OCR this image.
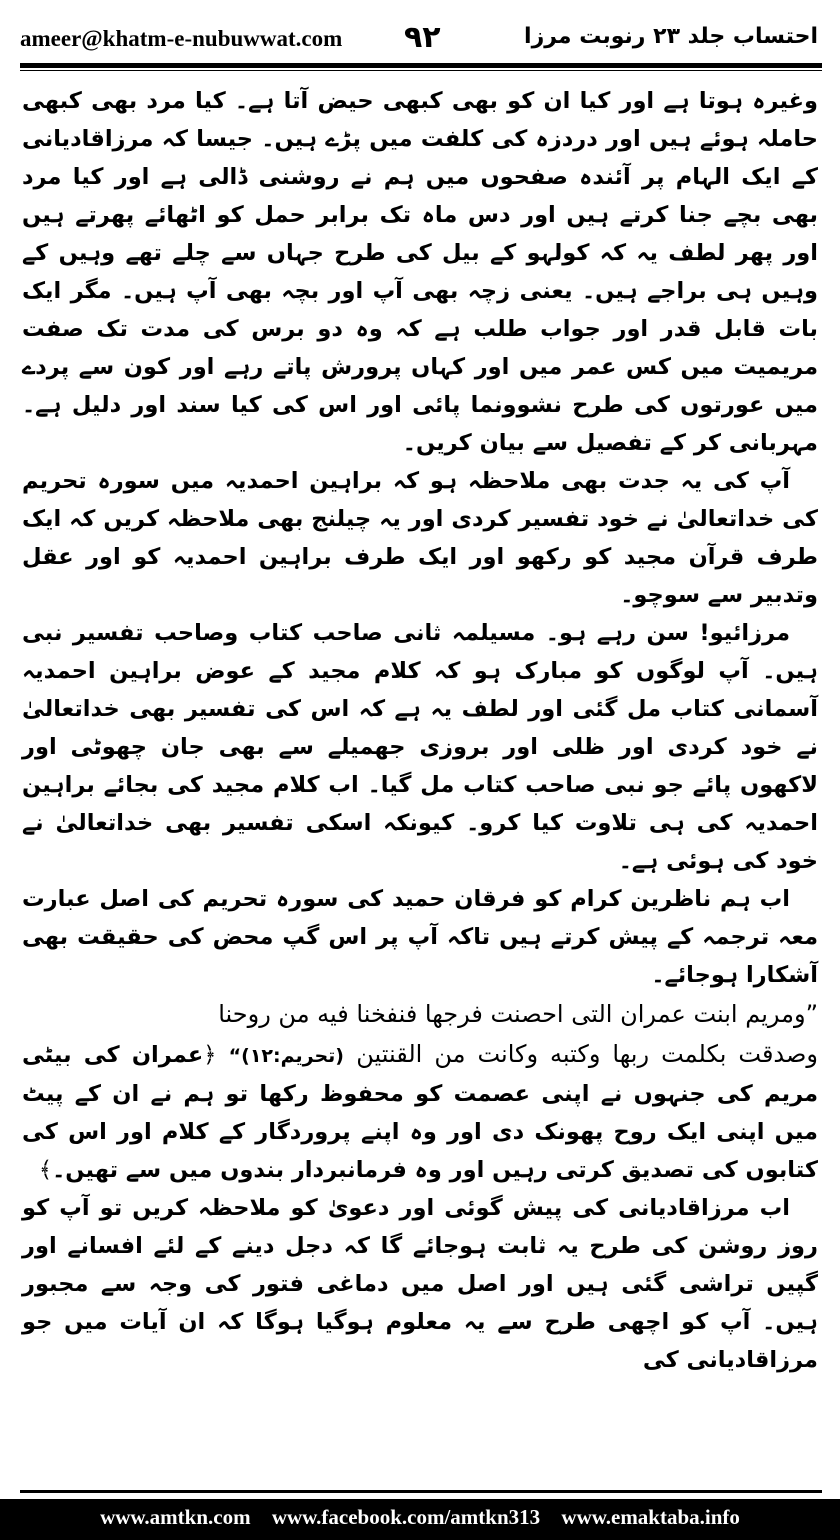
ameer@khatm-e-nubuwwat.com ۹۲	احتساب جلد ۲۳ رنوبت مرزا

وغیرہ ہوتا ہے اور کیا ان کو بھی کبھی حیض آتا ہے۔ کیا مرد بھی کبھی حاملہ ہوئے ہیں اور دردزہ کی کلفت میں پڑے ہیں۔ جیسا کہ مرزاقادیانی کے ایک الہام پر آئندہ صفحوں میں ہم نے روشنی ڈالی ہے اور کیا مرد بھی بچے جنا کرتے ہیں اور دس ماہ تک برابر حمل کو اٹھائے پھرتے ہیں اور پھر لطف یہ کہ کولہو کے بیل کی طرح جہاں سے چلے تھے وہیں کے وہیں ہی براجے ہیں۔ یعنی زچہ بھی آپ اور بچہ بھی آپ ہیں۔ مگر ایک بات قابل قدر اور جواب طلب ہے کہ وہ دو برس کی مدت تک صفت مریمیت میں کس عمر میں اور کہاں پرورش پاتے رہے اور کون سے پردے میں عورتوں کی طرح نشوونما پائی اور اس کی کیا سند اور دلیل ہے۔ مہربانی کر کے تفصیل سے بیان کریں۔

آپ کی یہ جدت بھی ملاحظہ ہو کہ براہین احمدیہ میں سورہ تحریم کی خداتعالیٰ نے خود تفسیر کردی اور یہ چیلنج بھی ملاحظہ کریں کہ ایک طرف قرآن مجید کو رکھو اور ایک طرف براہین احمدیہ کو اور عقل وتدبیر سے سوچو۔

مرزائیو! سن رہے ہو۔ مسیلمہ ثانی صاحب کتاب وصاحب تفسیر نبی ہیں۔ آپ لوگوں کو مبارک ہو کہ کلام مجید کے عوض براہین احمدیہ آسمانی کتاب مل گئی اور لطف یہ ہے کہ اس کی تفسیر بھی خداتعالیٰ نے خود کردی اور ظلی اور بروزی جھمیلے سے بھی جان چھوٹی اور لاکھوں پائے جو نبی صاحب کتاب مل گیا۔ اب کلام مجید کی بجائے براہین احمدیہ کی ہی تلاوت کیا کرو۔ کیونکہ اسکی تفسیر بھی خداتعالیٰ نے خود کی ہوئی ہے۔

اب ہم ناظرین کرام کو فرقان حمید کی سورہ تحریم کی اصل عبارت معہ ترجمہ کے پیش کرتے ہیں تاکہ آپ پر اس گپ محض کی حقیقت بھی آشکارا ہوجائے۔

”ومریم ابنت عمران التی احصنت فرجها فنفخنا فیه من روحنا

وصدقت بكلمت ربها وكتبه وكانت من القنتين (تحریم:۱۲)“ ﴿عمران کی بیٹی مریم کی جنہوں نے اپنی عصمت کو محفوظ رکھا تو ہم نے ان کے پیٹ میں اپنی ایک روح پھونک دی اور وہ اپنے پروردگار کے کلام اور اس کی کتابوں کی تصدیق کرتی رہیں اور وہ فرمانبردار بندوں میں سے تھیں۔﴾

اب مرزاقادیانی کی پیش گوئی اور دعویٰ کو ملاحظہ کریں تو آپ کو روز روشن کی طرح یہ ثابت ہوجائے گا کہ دجل دینے کے لئے افسانے اور گپیں تراشی گئی ہیں اور اصل میں دماغی فتور کی وجہ سے مجبور ہیں۔ آپ کو اچھی طرح سے یہ معلوم ہوگیا ہوگا کہ ان آیات میں جو مرزاقادیانی کی

www.amtkn.com www.facebook.com/amtkn313 www.emaktaba.info
